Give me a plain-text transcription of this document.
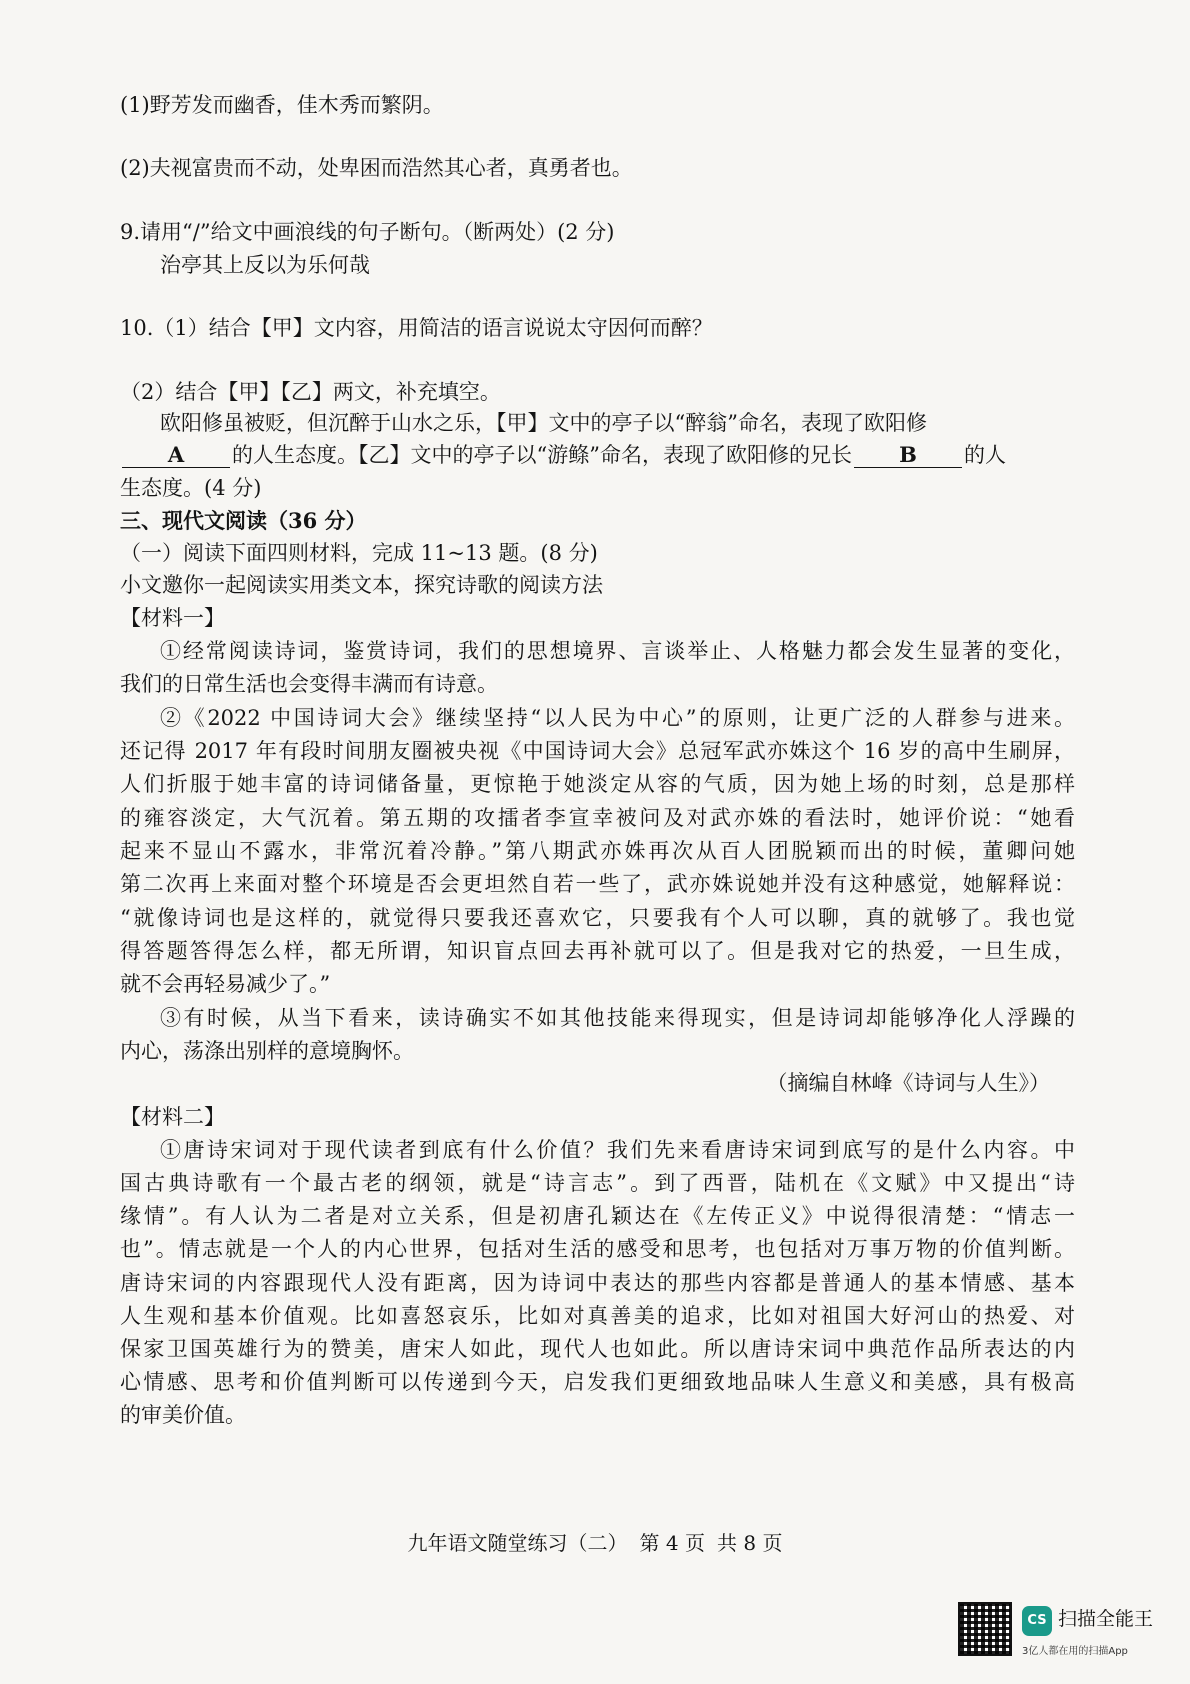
(1)野芳发而幽香，佳木秀而繁阴。
(2)夫视富贵而不动，处卑困而浩然其心者，真勇者也。
9.请用“/”给文中画浪线的句子断句。（断两处）(2 分)
治亭其上反以为乐何哉
10.（1）结合【甲】文内容，用简洁的语言说说太守因何而醉？
（2）结合【甲】【乙】两文，补充填空。
欧阳修虽被贬，但沉醉于山水之乐，【甲】文中的亭子以“醉翁”命名，表现了欧阳修
A 的人生态度。【乙】文中的亭子以“游鲦”命名，表现了欧阳修的兄长 B 的人
生态度。(4 分)
三、现代文阅读（36 分）
（一）阅读下面四则材料，完成 11~13 题。(8 分)
小文邀你一起阅读实用类文本，探究诗歌的阅读方法
【材料一】
①经常阅读诗词，鉴赏诗词，我们的思想境界、言谈举止、人格魅力都会发生显著的变化，
我们的日常生活也会变得丰满而有诗意。
②《2022 中国诗词大会》继续坚持“以人民为中心”的原则，让更广泛的人群参与进来。
还记得 2017 年有段时间朋友圈被央视《中国诗词大会》总冠军武亦姝这个 16 岁的高中生刷屏，
人们折服于她丰富的诗词储备量，更惊艳于她淡定从容的气质，因为她上场的时刻，总是那样
的雍容淡定，大气沉着。第五期的攻擂者李宣幸被问及对武亦姝的看法时，她评价说：“她看
起来不显山不露水，非常沉着冷静。”第八期武亦姝再次从百人团脱颖而出的时候，董卿问她
第二次再上来面对整个环境是否会更坦然自若一些了，武亦姝说她并没有这种感觉，她解释说：
“就像诗词也是这样的，就觉得只要我还喜欢它，只要我有个人可以聊，真的就够了。我也觉
得答题答得怎么样，都无所谓，知识盲点回去再补就可以了。但是我对它的热爱，一旦生成，
就不会再轻易减少了。”
③有时候，从当下看来，读诗确实不如其他技能来得现实，但是诗词却能够净化人浮躁的
内心，荡涤出别样的意境胸怀。
（摘编自林峰《诗词与人生》）
【材料二】
①唐诗宋词对于现代读者到底有什么价值？我们先来看唐诗宋词到底写的是什么内容。中
国古典诗歌有一个最古老的纲领，就是“诗言志”。到了西晋，陆机在《文赋》中又提出“诗
缘情”。有人认为二者是对立关系，但是初唐孔颖达在《左传正义》中说得很清楚：“情志一
也”。情志就是一个人的内心世界，包括对生活的感受和思考，也包括对万事万物的价值判断。
唐诗宋词的内容跟现代人没有距离，因为诗词中表达的那些内容都是普通人的基本情感、基本
人生观和基本价值观。比如喜怒哀乐，比如对真善美的追求，比如对祖国大好河山的热爱、对
保家卫国英雄行为的赞美，唐宋人如此，现代人也如此。所以唐诗宋词中典范作品所表达的内
心情感、思考和价值判断可以传递到今天，启发我们更细致地品味人生意义和美感，具有极高
的审美价值。
九年语文随堂练习（二） 第 4 页 共 8 页
CS 扫描全能王
3亿人都在用的扫描App
